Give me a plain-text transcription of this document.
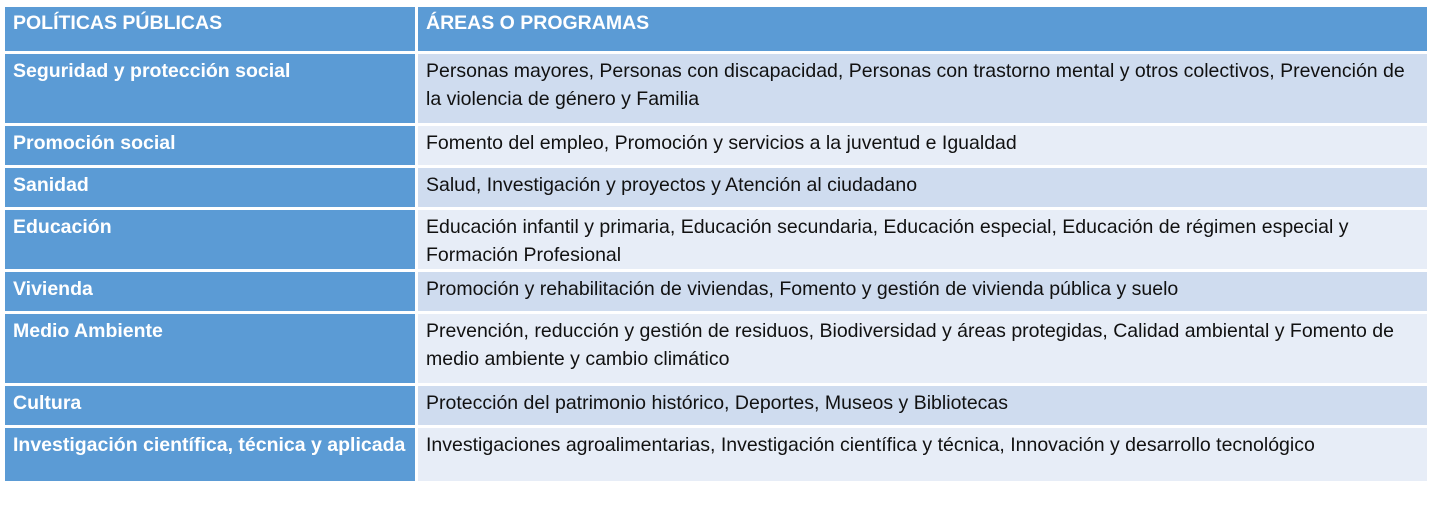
POLÍTICAS PÚBLICAS	ÁREAS O PROGRAMAS
Seguridad y protección social	Personas mayores, Personas con discapacidad, Personas con trastorno mental y otros colectivos, Prevención de la violencia de género y Familia
Promoción social	Fomento del empleo, Promoción y servicios a la juventud e Igualdad
Sanidad	Salud, Investigación y proyectos y Atención al ciudadano
Educación	Educación infantil y primaria, Educación secundaria, Educación especial, Educación de régimen especial y Formación Profesional
Vivienda	Promoción y rehabilitación de viviendas, Fomento y gestión de vivienda pública y suelo
Medio Ambiente	Prevención, reducción y gestión de residuos, Biodiversidad y áreas protegidas, Calidad ambiental y Fomento de medio ambiente y cambio climático
Cultura	Protección del patrimonio histórico, Deportes, Museos y Bibliotecas
Investigación científica, técnica y aplicada	Investigaciones agroalimentarias, Investigación científica y técnica, Innovación y desarrollo tecnológico
